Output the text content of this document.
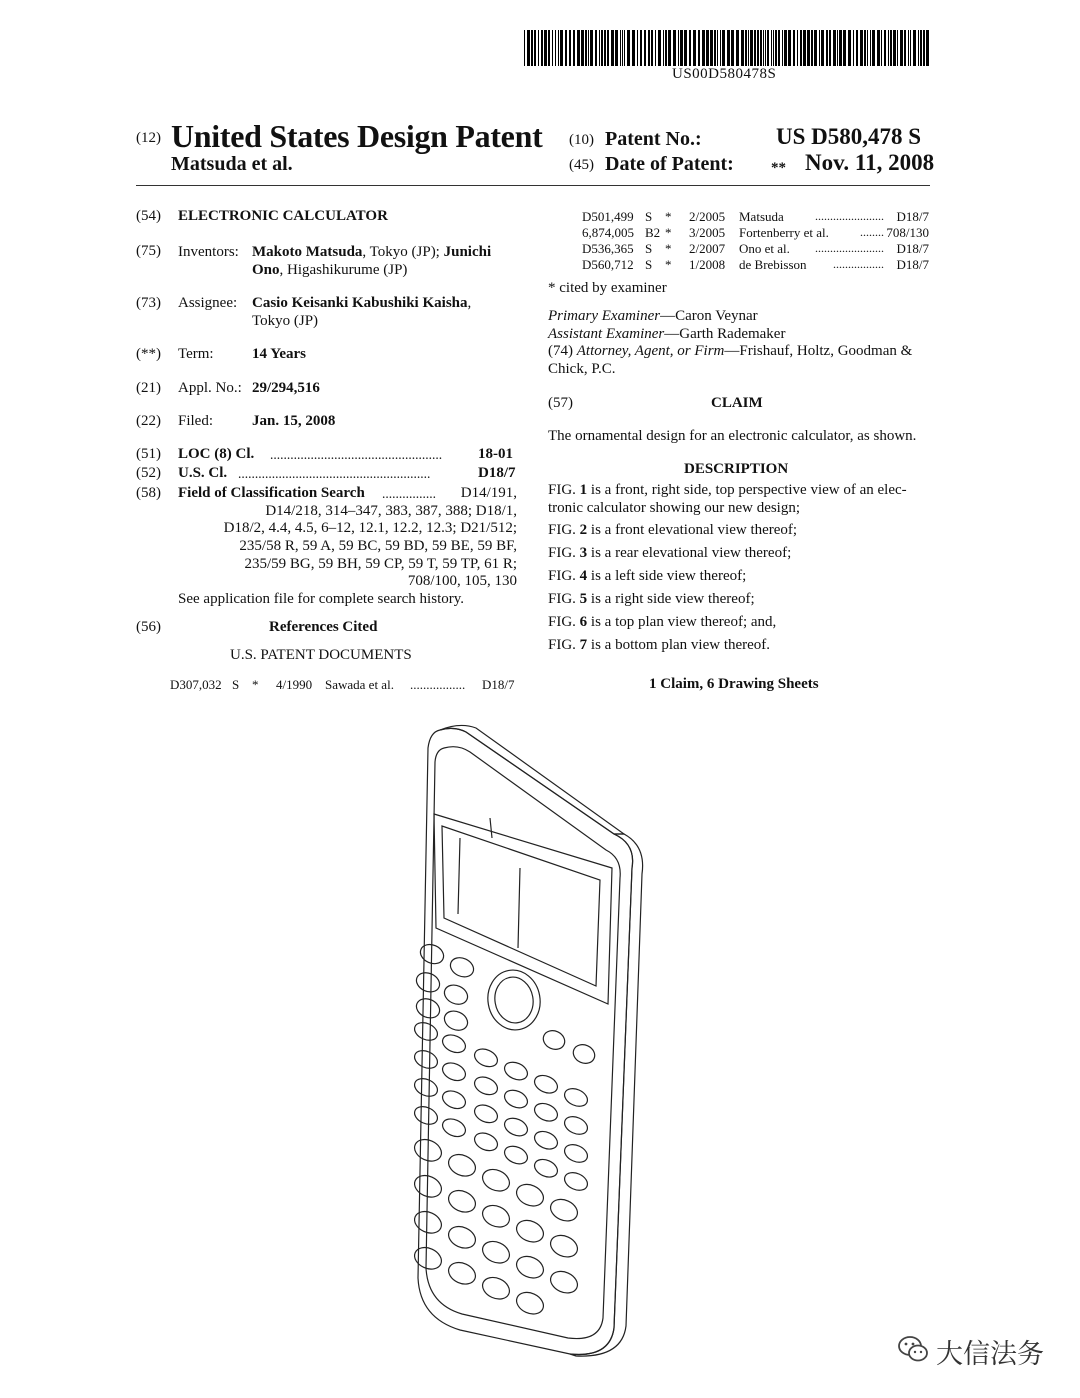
US00D580478S
(12) United States Design Patent
Matsuda et al.
(10) Patent No.:	US D580,478 S
(45) Date of Patent: ** Nov. 11, 2008
(54) ELECTRONIC CALCULATOR
(75) Inventors: Makoto Matsuda, Tokyo (JP); Junichi
Ono, Higashikurume (JP)
(73) Assignee: Casio Keisanki Kabushiki Kaisha,
Tokyo (JP)
(**) Term:	14 Years
(21) Appl. No.: 29/294,516
(22) Filed:	Jan. 15, 2008
(51) LOC (8) Cl. ...................................................	18-01
(52) U.S. Cl. .........................................................	D18/7
(58) Field of Classification Search ................ D14/191,
D14/218, 314–347, 383, 387, 388; D18/1,
D18/2, 4.4, 4.5, 6–12, 12.1, 12.2, 12.3; D21/512;
235/58 R, 59 A, 59 BC, 59 BD, 59 BE, 59 BF,
235/59 BG, 59 BH, 59 CP, 59 T, 59 TP, 61 R;
708/100, 105, 130
See application file for complete search history.
(56)	References Cited
U.S. PATENT DOCUMENTS
D307,032 S * 4/1990 Sawada et al. ................. D18/7
D501,499 S * 2/2005 Matsuda	....................... D18/7
6,874,005 B2 * 3/2005 Fortenberry et al.	........ 708/130
D536,365 S * 2/2007 Ono et al. ....................... D18/7
D560,712 S * 1/2008 de Brebisson ................. D18/7
* cited by examiner
Primary Examiner—Caron Veynar
Assistant Examiner—Garth Rademaker
(74) Attorney, Agent, or Firm—Frishauf, Holtz, Goodman &
Chick, P.C.
(57)	CLAIM
The ornamental design for an electronic calculator, as shown.
DESCRIPTION
FIG. 1 is a front, right side, top perspective view of an elec-
tronic calculator showing our new design;
FIG. 2 is a front elevational view thereof;
FIG. 3 is a rear elevational view thereof;
FIG. 4 is a left side view thereof;
FIG. 5 is a right side view thereof;
FIG. 6 is a top plan view thereof; and,
FIG. 7 is a bottom plan view thereof.
1 Claim, 6 Drawing Sheets
大信法务
